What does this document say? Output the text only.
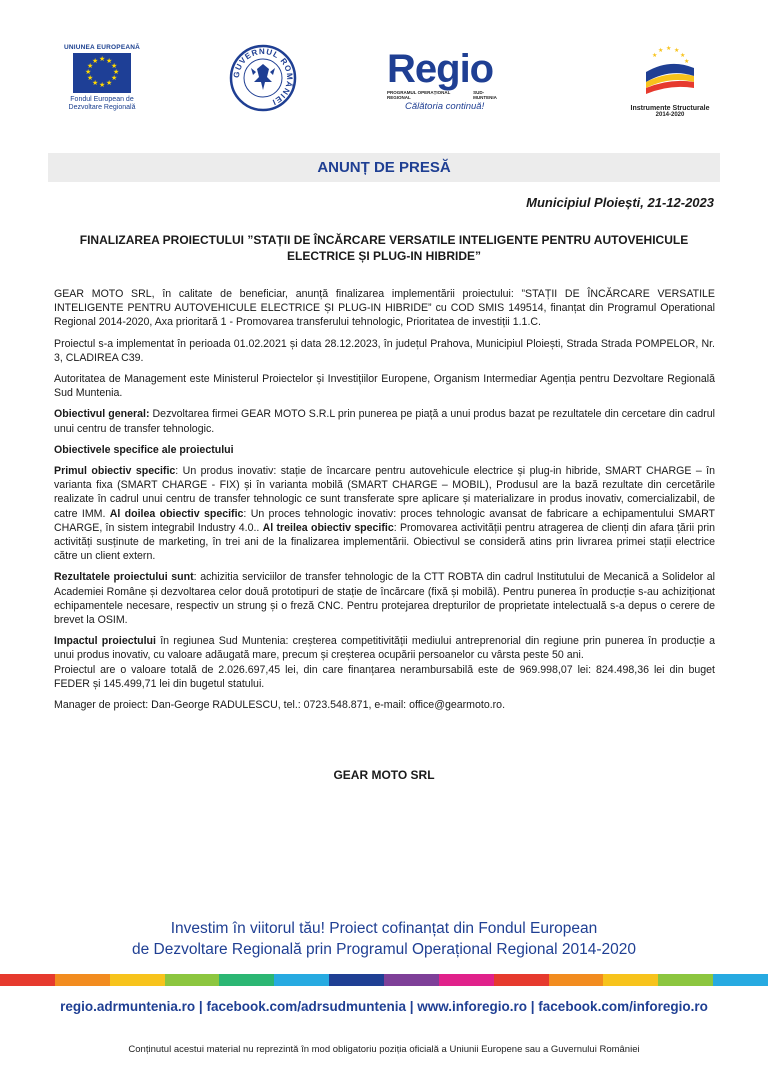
UNIUNEA EUROPEANĂ
★ ★
★
★
★
★
★
★
★
★
★
★
Fondul European de
Dezvoltare Regională
GUVERNUL ROMÂNIEI
Regio
PROGRAMUL OPERAȚIONAL REGIONAL
SUD-MUNTENIA
Călătoria continuă!
★ ★
★
★
★
★
Instrumente Structurale
2014-2020
ANUNȚ DE PRESĂ
Municipiul Ploiești, 21-12-2023
FINALIZAREA PROIECTULUI ”STAȚII DE ÎNCĂRCARE VERSATILE INTELIGENTE PENTRU AUTOVEHICULE
ELECTRICE ȘI PLUG-IN HIBRIDE”

GEAR MOTO SRL, în calitate de beneficiar, anunță finalizarea implementării proiectului: ”STAȚII DE ÎNCĂRCARE VERSATILE INTELIGENTE PENTRU AUTOVEHICULE ELECTRICE ȘI PLUG-IN HIBRIDE” cu COD SMIS 149514, finanțat din Programul Operational Regional 2014-2020, Axa prioritară 1 - Promovarea transferului tehnologic, Prioritatea de investiții 1.1.C.

Proiectul s-a implementat în perioada 01.02.2021 și data 28.12.2023, în județul Prahova, Municipiul Ploiești, Strada Strada POMPELOR, Nr. 3, CLADIREA C39.

Autoritatea de Management este Ministerul Proiectelor și Investițiilor Europene, Organism Intermediar Agenția pentru Dezvoltare Regională Sud Muntenia.

Obiectivul general: Dezvoltarea firmei GEAR MOTO S.R.L prin punerea pe piață a unui produs bazat pe rezultatele din cercetare din cadrul unui centru de transfer tehnologic.

Obiectivele specifice ale proiectului

Primul obiectiv specific: Un produs inovativ: stație de încarcare pentru autovehicule electrice și plug-in hibride, SMART CHARGE – în varianta fixa (SMART CHARGE - FIX) și în varianta mobilă (SMART CHARGE – MOBIL), Produsul are la bază rezultate din cercetările realizate în cadrul unui centru de transfer tehnologic ce sunt transferate spre aplicare și materializare in produs inovativ, comercializabil, de catre IMM. Al doilea obiectiv specific: Un proces tehnologic inovativ: proces tehnologic avansat de fabricare a echipamentului SMART CHARGE, în sistem integrabil Industry 4.0.. Al treilea obiectiv specific: Promovarea activității pentru atragerea de clienți din afara țării prin activități susținute de marketing, în trei ani de la finalizarea implementării. Obiectivul se consideră atins prin livrarea primei stații electrice către un client extern.

Rezultatele proiectului sunt: achizitia serviciilor de transfer tehnologic de la CTT ROBTA din cadrul Institutului de Mecanică a Solidelor al Academiei Române și dezvoltarea celor două prototipuri de stație de încărcare (fixă și mobilă). Pentru punerea în producție s-au achiziționat echipamentele necesare, respectiv un strung și o freză CNC. Pentru protejarea drepturilor de proprietate intelectuală s-a depus o cerere de brevet la OSIM.

Impactul proiectului în regiunea Sud Muntenia: creșterea competitivității mediului antreprenorial din regiune prin punerea în producție a unui produs inovativ, cu valoare adăugată mare, precum și creșterea ocupării persoanelor cu vârsta peste 50 ani.

Proiectul are o valoare totală de 2.026.697,45 lei, din care finanțarea nerambursabilă este de 969.998,07 lei: 824.498,36 lei din buget FEDER și 145.499,71 lei din bugetul statului.

Manager de proiect: Dan-George RADULESCU, tel.: 0723.548.871, e-mail: office@gearmoto.ro.

GEAR MOTO SRL
Investim în viitorul tău! Proiect cofinanțat din Fondul European
de Dezvoltare Regională prin Programul Operațional Regional 2014-2020
regio.adrmuntenia.ro | facebook.com/adrsudmuntenia | www.inforegio.ro | facebook.com/inforegio.ro
Conținutul acestui material nu reprezintă în mod obligatoriu poziția oficială a Uniunii Europene sau a Guvernului României
